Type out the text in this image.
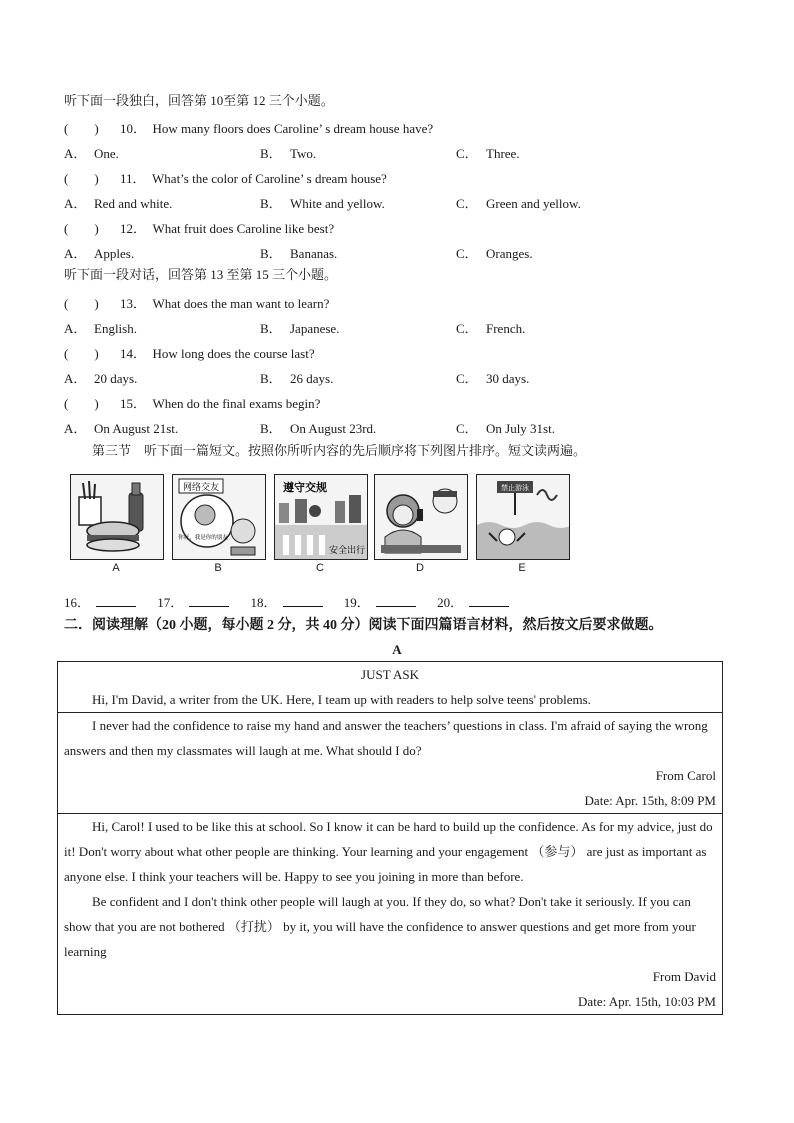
听下面一段独白，回答第 10至第 12 三个小题。
(　　) 10． How many floors does Caroline’ s dream house have?
A． One.	B． Two.	C． Three.
(　　) 11． What’s the color of Caroline’ s dream house?
A． Red and white.	B． White and yellow.	C． Green and yellow.
(　　) 12． What fruit does Caroline like best?
A． Apples.	B． Bananas.	C． Oranges.
听下面一段对话，回答第 13 至第 15 三个小题。
(　　) 13． What does the man want to learn?
A． English.	B． Japanese.	C． French.
(　　) 14． How long does the course last?
A． 20 days.	B． 26 days.	C． 30 days.
(　　) 15． When do the final exams begin?
A． On August 21st.	B． On August 23rd.	C． On July 31st.
第三节　听下面一篇短文。按照你所听内容的先后顺序将下列图片排序。短文读两遍。
A
网络交友
你好，我是你的朋友
B
遵守交规
安全出行
C	D
禁止游泳
E
16．	17．	18．	19．	20．
二．阅读理解（20 小题，每小题 2 分，共 40 分）阅读下面四篇语言材料，然后按文后要求做题。
A

JUST ASK

Hi, I'm David, a writer from the UK. Here, I team up with readers to help solve teens' problems.

I never had the confidence to raise my hand and answer the teachers’ questions in class. I'm afraid of saying the wrong answers and then my classmates will laugh at me. What should I do?

From Carol

Date: Apr. 15th, 8:09 PM

Hi, Carol! I used to be like this at school. So I know it can be hard to build up the confidence. As for my advice, just do it! Don't worry about what other people are thinking. Your learning and your engagement （参与） are just as important as anyone else. I think your teachers will be. Happy to see you joining in more than before.

Be confident and I don't think other people will laugh at you. If they do, so what? Don't take it seriously. If you can show that you are not bothered （打扰） by it, you will have the confidence to answer questions and get more from your learning

From David

Date: Apr. 15th, 10:03 PM
